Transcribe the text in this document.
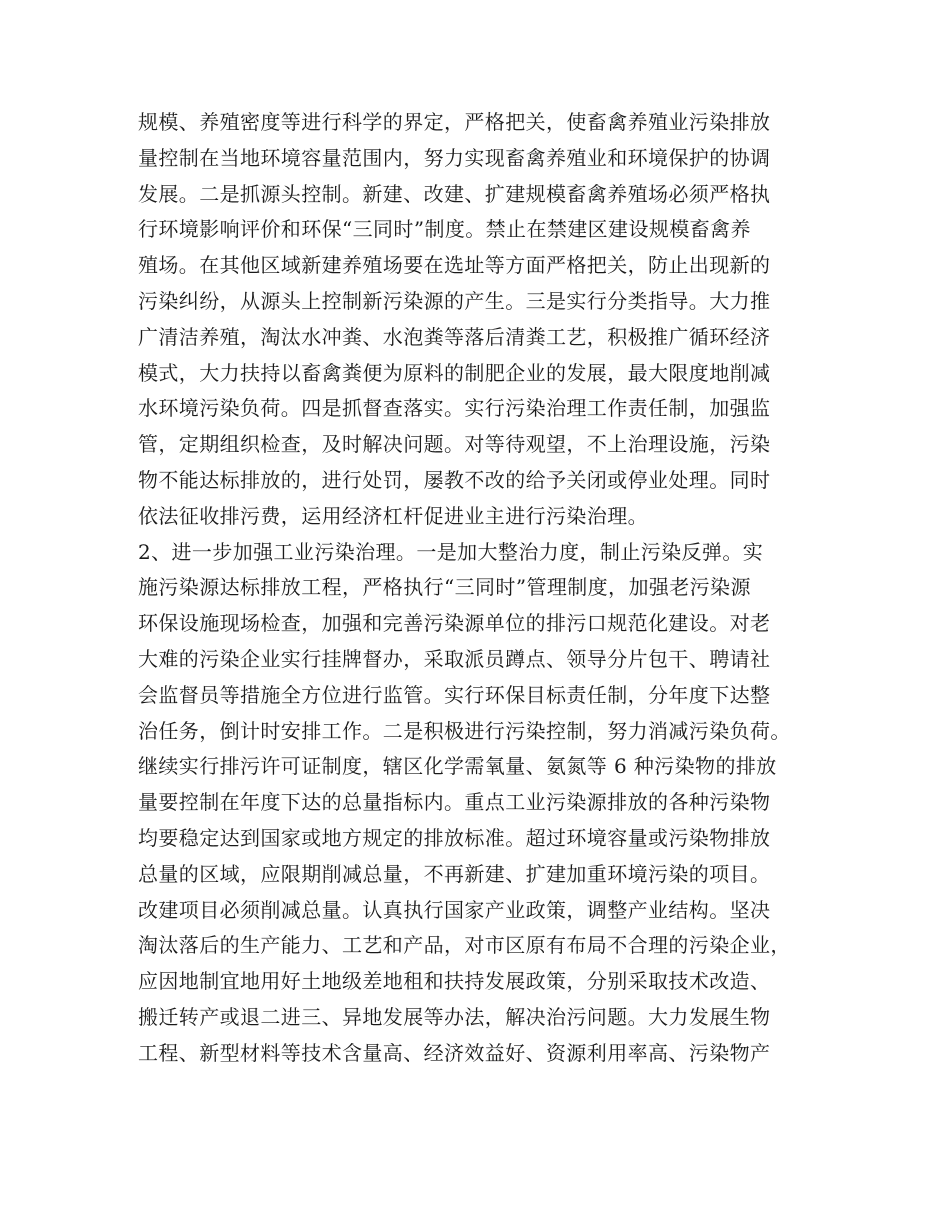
规模、养殖密度等进行科学的界定，严格把关，使畜禽养殖业污染排放
量控制在当地环境容量范围内，努力实现畜禽养殖业和环境保护的协调
发展。二是抓源头控制。新建、改建、扩建规模畜禽养殖场必须严格执
行环境影响评价和环保“三同时”制度。禁止在禁建区建设规模畜禽养
殖场。在其他区域新建养殖场要在选址等方面严格把关，防止出现新的
污染纠纷，从源头上控制新污染源的产生。三是实行分类指导。大力推
广清洁养殖，淘汰水冲粪、水泡粪等落后清粪工艺，积极推广循环经济
模式，大力扶持以畜禽粪便为原料的制肥企业的发展，最大限度地削减
水环境污染负荷。四是抓督查落实。实行污染治理工作责任制，加强监
管，定期组织检查，及时解决问题。对等待观望，不上治理设施，污染
物不能达标排放的，进行处罚，屡教不改的给予关闭或停业处理。同时
依法征收排污费，运用经济杠杆促进业主进行污染治理。
2、进一步加强工业污染治理。一是加大整治力度，制止污染反弹。实
施污染源达标排放工程，严格执行“三同时”管理制度，加强老污染源
环保设施现场检查，加强和完善污染源单位的排污口规范化建设。对老
大难的污染企业实行挂牌督办，采取派员蹲点、领导分片包干、聘请社
会监督员等措施全方位进行监管。实行环保目标责任制，分年度下达整
治任务，倒计时安排工作。二是积极进行污染控制，努力消减污染负荷。
继续实行排污许可证制度，辖区化学需氧量、氨氮等 6 种污染物的排放
量要控制在年度下达的总量指标内。重点工业污染源排放的各种污染物
均要稳定达到国家或地方规定的排放标准。超过环境容量或污染物排放
总量的区域，应限期削减总量，不再新建、扩建加重环境污染的项目。
改建项目必须削减总量。认真执行国家产业政策，调整产业结构。坚决
淘汰落后的生产能力、工艺和产品，对市区原有布局不合理的污染企业，
应因地制宜地用好土地级差地租和扶持发展政策，分别采取技术改造、
搬迁转产或退二进三、异地发展等办法，解决治污问题。大力发展生物
工程、新型材料等技术含量高、经济效益好、资源利用率高、污染物产
